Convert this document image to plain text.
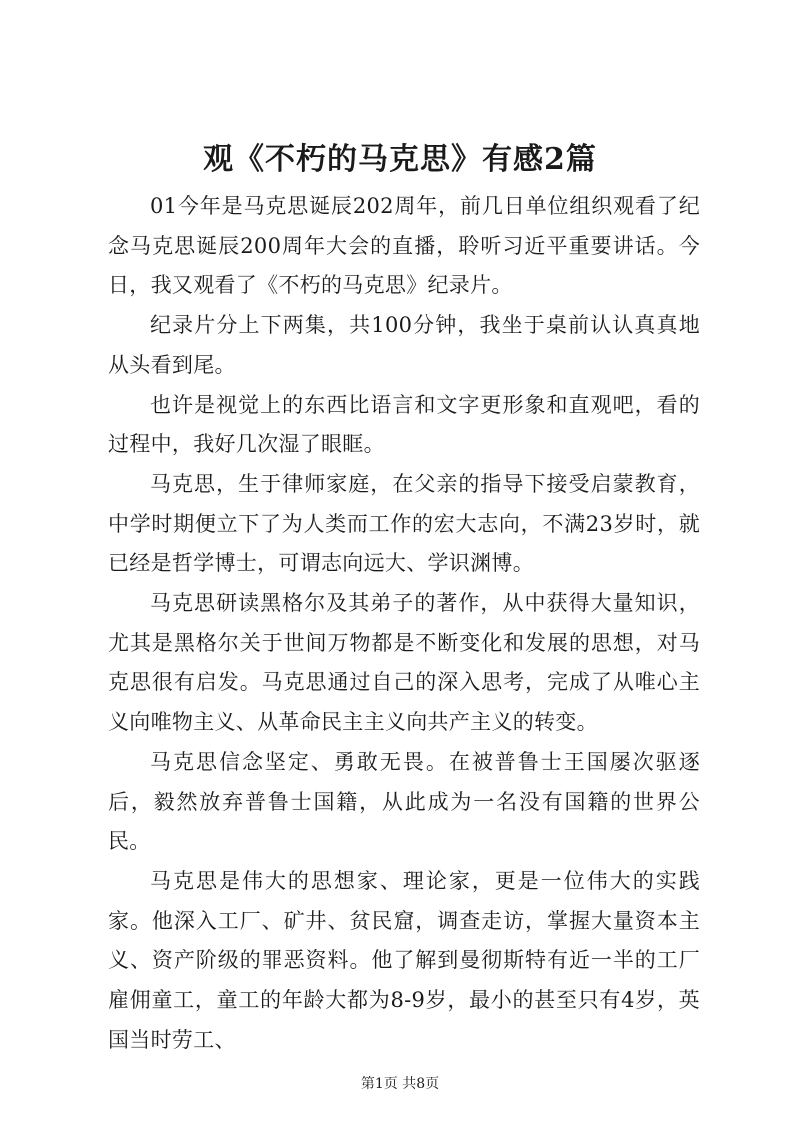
观《不朽的马克思》有感2篇

01今年是马克思诞辰202周年，前几日单位组织观看了纪念马克思诞辰200周年大会的直播，聆听习近平重要讲话。今日，我又观看了《不朽的马克思》纪录片。

纪录片分上下两集，共100分钟，我坐于桌前认认真真地从头看到尾。

也许是视觉上的东西比语言和文字更形象和直观吧，看的过程中，我好几次湿了眼眶。

马克思，生于律师家庭，在父亲的指导下接受启蒙教育，中学时期便立下了为人类而工作的宏大志向，不满23岁时，就已经是哲学博士，可谓志向远大、学识渊博。

马克思研读黑格尔及其弟子的著作，从中获得大量知识，尤其是黑格尔关于世间万物都是不断变化和发展的思想，对马克思很有启发。马克思通过自己的深入思考，完成了从唯心主义向唯物主义、从革命民主主义向共产主义的转变。

马克思信念坚定、勇敢无畏。在被普鲁士王国屡次驱逐后，毅然放弃普鲁士国籍，从此成为一名没有国籍的世界公民。

马克思是伟大的思想家、理论家，更是一位伟大的实践家。他深入工厂、矿井、贫民窟，调查走访，掌握大量资本主义、资产阶级的罪恶资料。他了解到曼彻斯特有近一半的工厂雇佣童工，童工的年龄大都为8-9岁，最小的甚至只有4岁，英国当时劳工、

第1页 共8页
